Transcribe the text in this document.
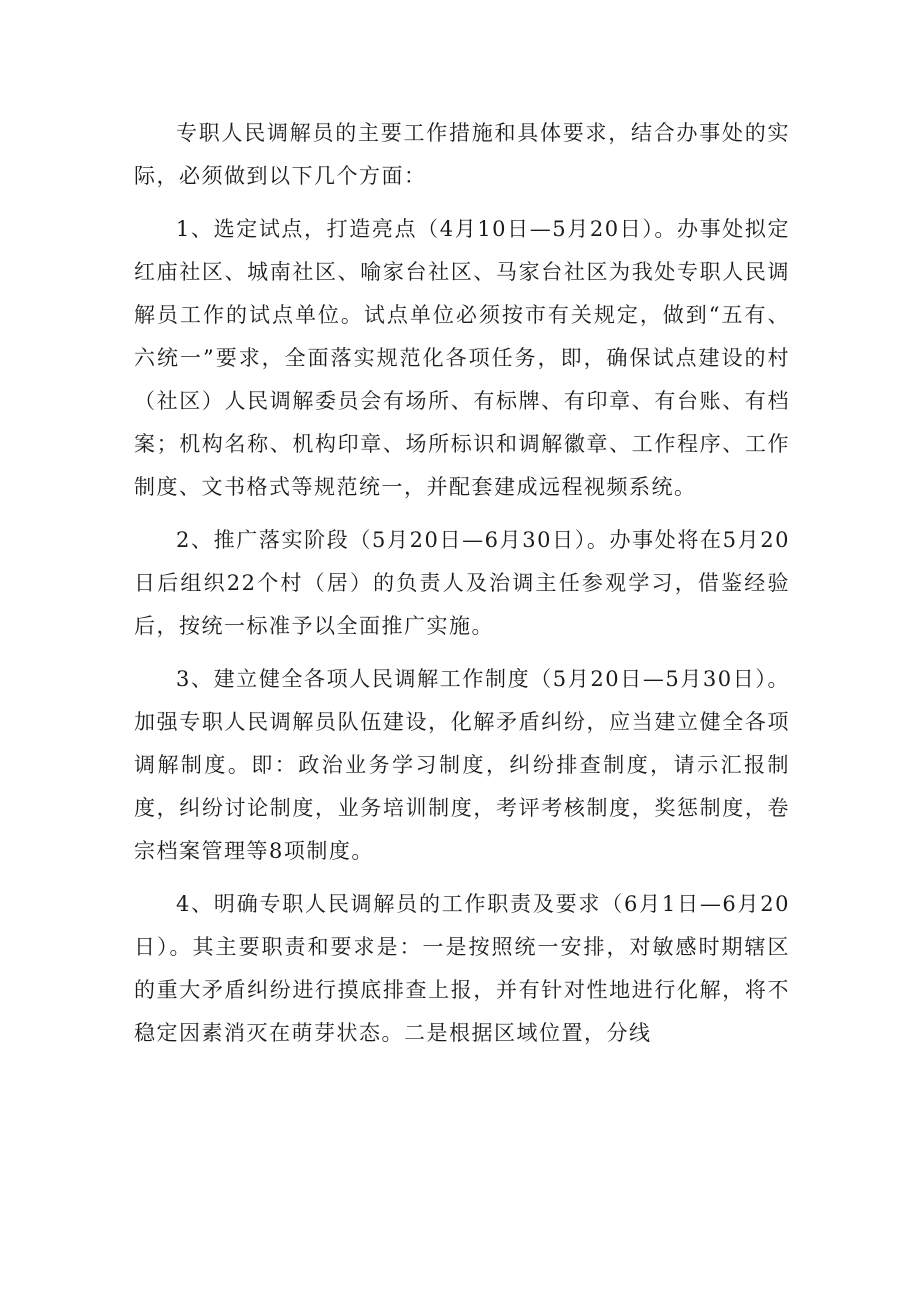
专职人民调解员的主要工作措施和具体要求，结合办事处的实际，必须做到以下几个方面：

1、选定试点，打造亮点（4月10日—5月20日）。办事处拟定红庙社区、城南社区、喻家台社区、马家台社区为我处专职人民调解员工作的试点单位。试点单位必须按市有关规定，做到“五有、六统一”要求，全面落实规范化各项任务，即，确保试点建设的村（社区）人民调解委员会有场所、有标牌、有印章、有台账、有档案；机构名称、机构印章、场所标识和调解徽章、工作程序、工作制度、文书格式等规范统一，并配套建成远程视频系统。

2、推广落实阶段（5月20日—6月30日）。办事处将在5月20日后组织22个村（居）的负责人及治调主任参观学习，借鉴经验后，按统一标准予以全面推广实施。

3、建立健全各项人民调解工作制度（5月20日—5月30日）。加强专职人民调解员队伍建设，化解矛盾纠纷，应当建立健全各项调解制度。即：政治业务学习制度，纠纷排查制度，请示汇报制度，纠纷讨论制度，业务培训制度，考评考核制度，奖惩制度，卷宗档案管理等8项制度。

4、明确专职人民调解员的工作职责及要求（6月1日—6月20日）。其主要职责和要求是：一是按照统一安排，对敏感时期辖区的重大矛盾纠纷进行摸底排查上报，并有针对性地进行化解，将不稳定因素消灭在萌芽状态。二是根据区域位置，分线
